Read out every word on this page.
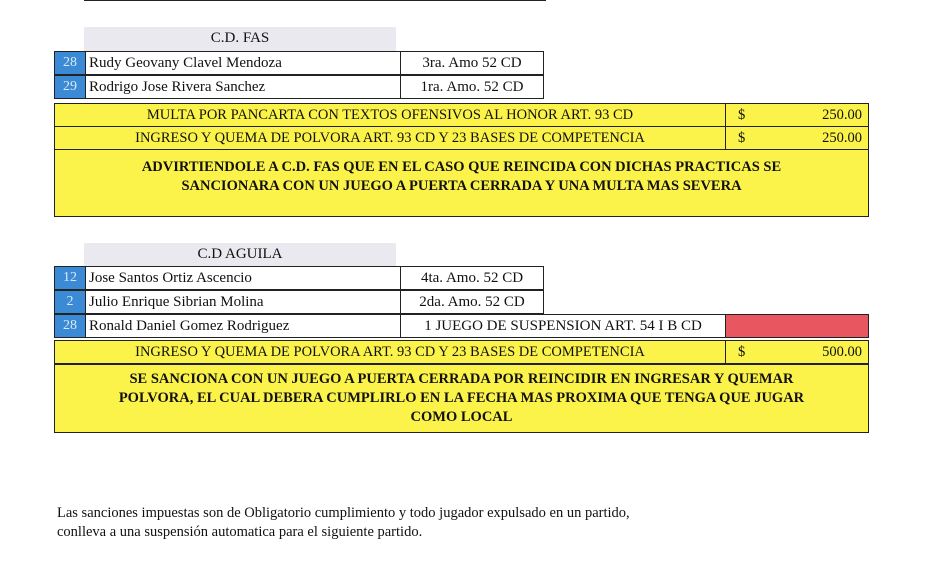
C.D. FAS
28 Rudy Geovany Clavel Mendoza	3ra. Amo 52 CD
29 Rodrigo Jose Rivera Sanchez	1ra. Amo. 52 CD
MULTA POR PANCARTA CON TEXTOS OFENSIVOS AL HONOR ART. 93 CD	$	250.00
INGRESO Y QUEMA DE POLVORA ART. 93 CD Y 23 BASES DE COMPETENCIA	$	250.00
ADVIRTIENDOLE A C.D. FAS QUE EN EL CASO QUE REINCIDA CON DICHAS PRACTICAS SE
SANCIONARA CON UN JUEGO A PUERTA CERRADA Y UNA MULTA MAS SEVERA
C.D AGUILA
12 Jose Santos Ortiz Ascencio	4ta. Amo. 52 CD
2	Julio Enrique Sibrian Molina	2da. Amo. 52 CD
28 Ronald Daniel Gomez Rodriguez	1 JUEGO DE SUSPENSION ART. 54 I B CD
INGRESO Y QUEMA DE POLVORA ART. 93 CD Y 23 BASES DE COMPETENCIA	$	500.00
SE SANCIONA CON UN JUEGO A PUERTA CERRADA POR REINCIDIR EN INGRESAR Y QUEMAR
POLVORA, EL CUAL DEBERA CUMPLIRLO EN LA FECHA MAS PROXIMA QUE TENGA QUE JUGAR
COMO LOCAL
Las sanciones impuestas son de Obligatorio cumplimiento y todo jugador expulsado en un partido,
conlleva a una suspensión automatica para el siguiente partido.
